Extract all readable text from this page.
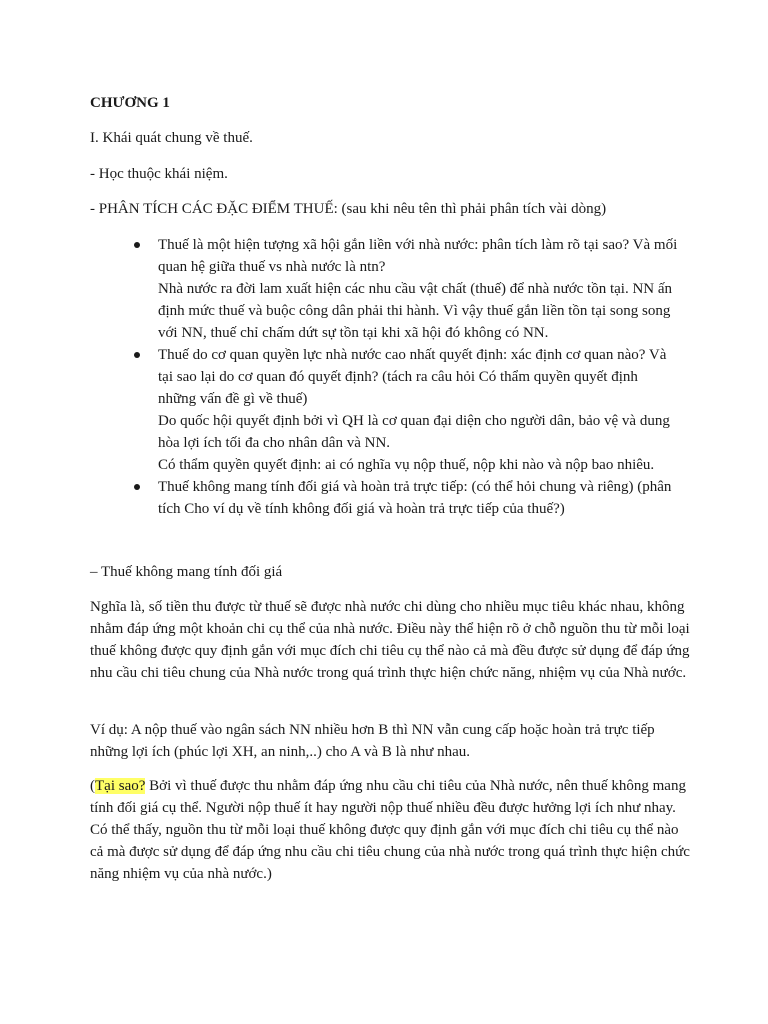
CHƯƠNG 1

I. Khái quát chung về thuế.

- Học thuộc khái niệm.

- PHÂN TÍCH CÁC ĐẶC ĐIỂM THUẾ: (sau khi nêu tên thì phải phân tích vài dòng)

Thuế là một hiện tượng xã hội gắn liền với nhà nước: phân tích làm rõ tại sao? Và mối quan hệ giữa thuế vs nhà nước là ntn?

Nhà nước ra đời lam xuất hiện các nhu cầu vật chất (thuế) để nhà nước tồn tại. NN ấn định mức thuế và buộc công dân phải thi hành. Vì vậy thuế gắn liền tồn tại song song với NN, thuế chỉ chấm dứt sự tồn tại khi xã hội đó không có NN.

Thuế do cơ quan quyền lực nhà nước cao nhất quyết định: xác định cơ quan nào? Và tại sao lại do cơ quan đó quyết định? (tách ra câu hỏi Có thẩm quyền quyết định những vấn đề gì về thuế)

Do quốc hội quyết định bởi vì QH là cơ quan đại diện cho người dân, bảo vệ và dung hòa lợi ích tối đa cho nhân dân và NN.

Có thẩm quyền quyết định: ai có nghĩa vụ nộp thuế, nộp khi nào và nộp bao nhiêu.

Thuế không mang tính đối giá và hoàn trả trực tiếp: (có thể hỏi chung và riêng) (phân tích Cho ví dụ về tính không đối giá và hoàn trả trực tiếp của thuế?)

– Thuế không mang tính đối giá

Nghĩa là, số tiền thu được từ thuế sẽ được nhà nước chi dùng cho nhiều mục tiêu khác nhau, không nhằm đáp ứng một khoản chi cụ thể của nhà nước. Điều này thể hiện rõ ở chỗ nguồn thu từ mỗi loại thuế không được quy định gắn với mục đích chi tiêu cụ thể nào cả mà đều được sử dụng để đáp ứng nhu cầu chi tiêu chung của Nhà nước trong quá trình thực hiện chức năng, nhiệm vụ của Nhà nước.

Ví dụ: A nộp thuế vào ngân sách NN nhiều hơn B thì NN vẫn cung cấp hoặc hoàn trả trực tiếp những lợi ích (phúc lợi XH, an ninh,..) cho A và B là như nhau.

(Tại sao? Bởi vì thuế được thu nhằm đáp ứng nhu cầu chi tiêu của Nhà nước, nên thuế không mang tính đối giá cụ thể. Người nộp thuế ít hay người nộp thuế nhiều đều được hưởng lợi ích như nhay. Có thể thấy, nguồn thu từ mỗi loại thuế không được quy định gắn với mục đích chi tiêu cụ thể nào cả mà được sử dụng để đáp ứng nhu cầu chi tiêu chung của nhà nước trong quá trình thực hiện chức năng nhiệm vụ của nhà nước.)
